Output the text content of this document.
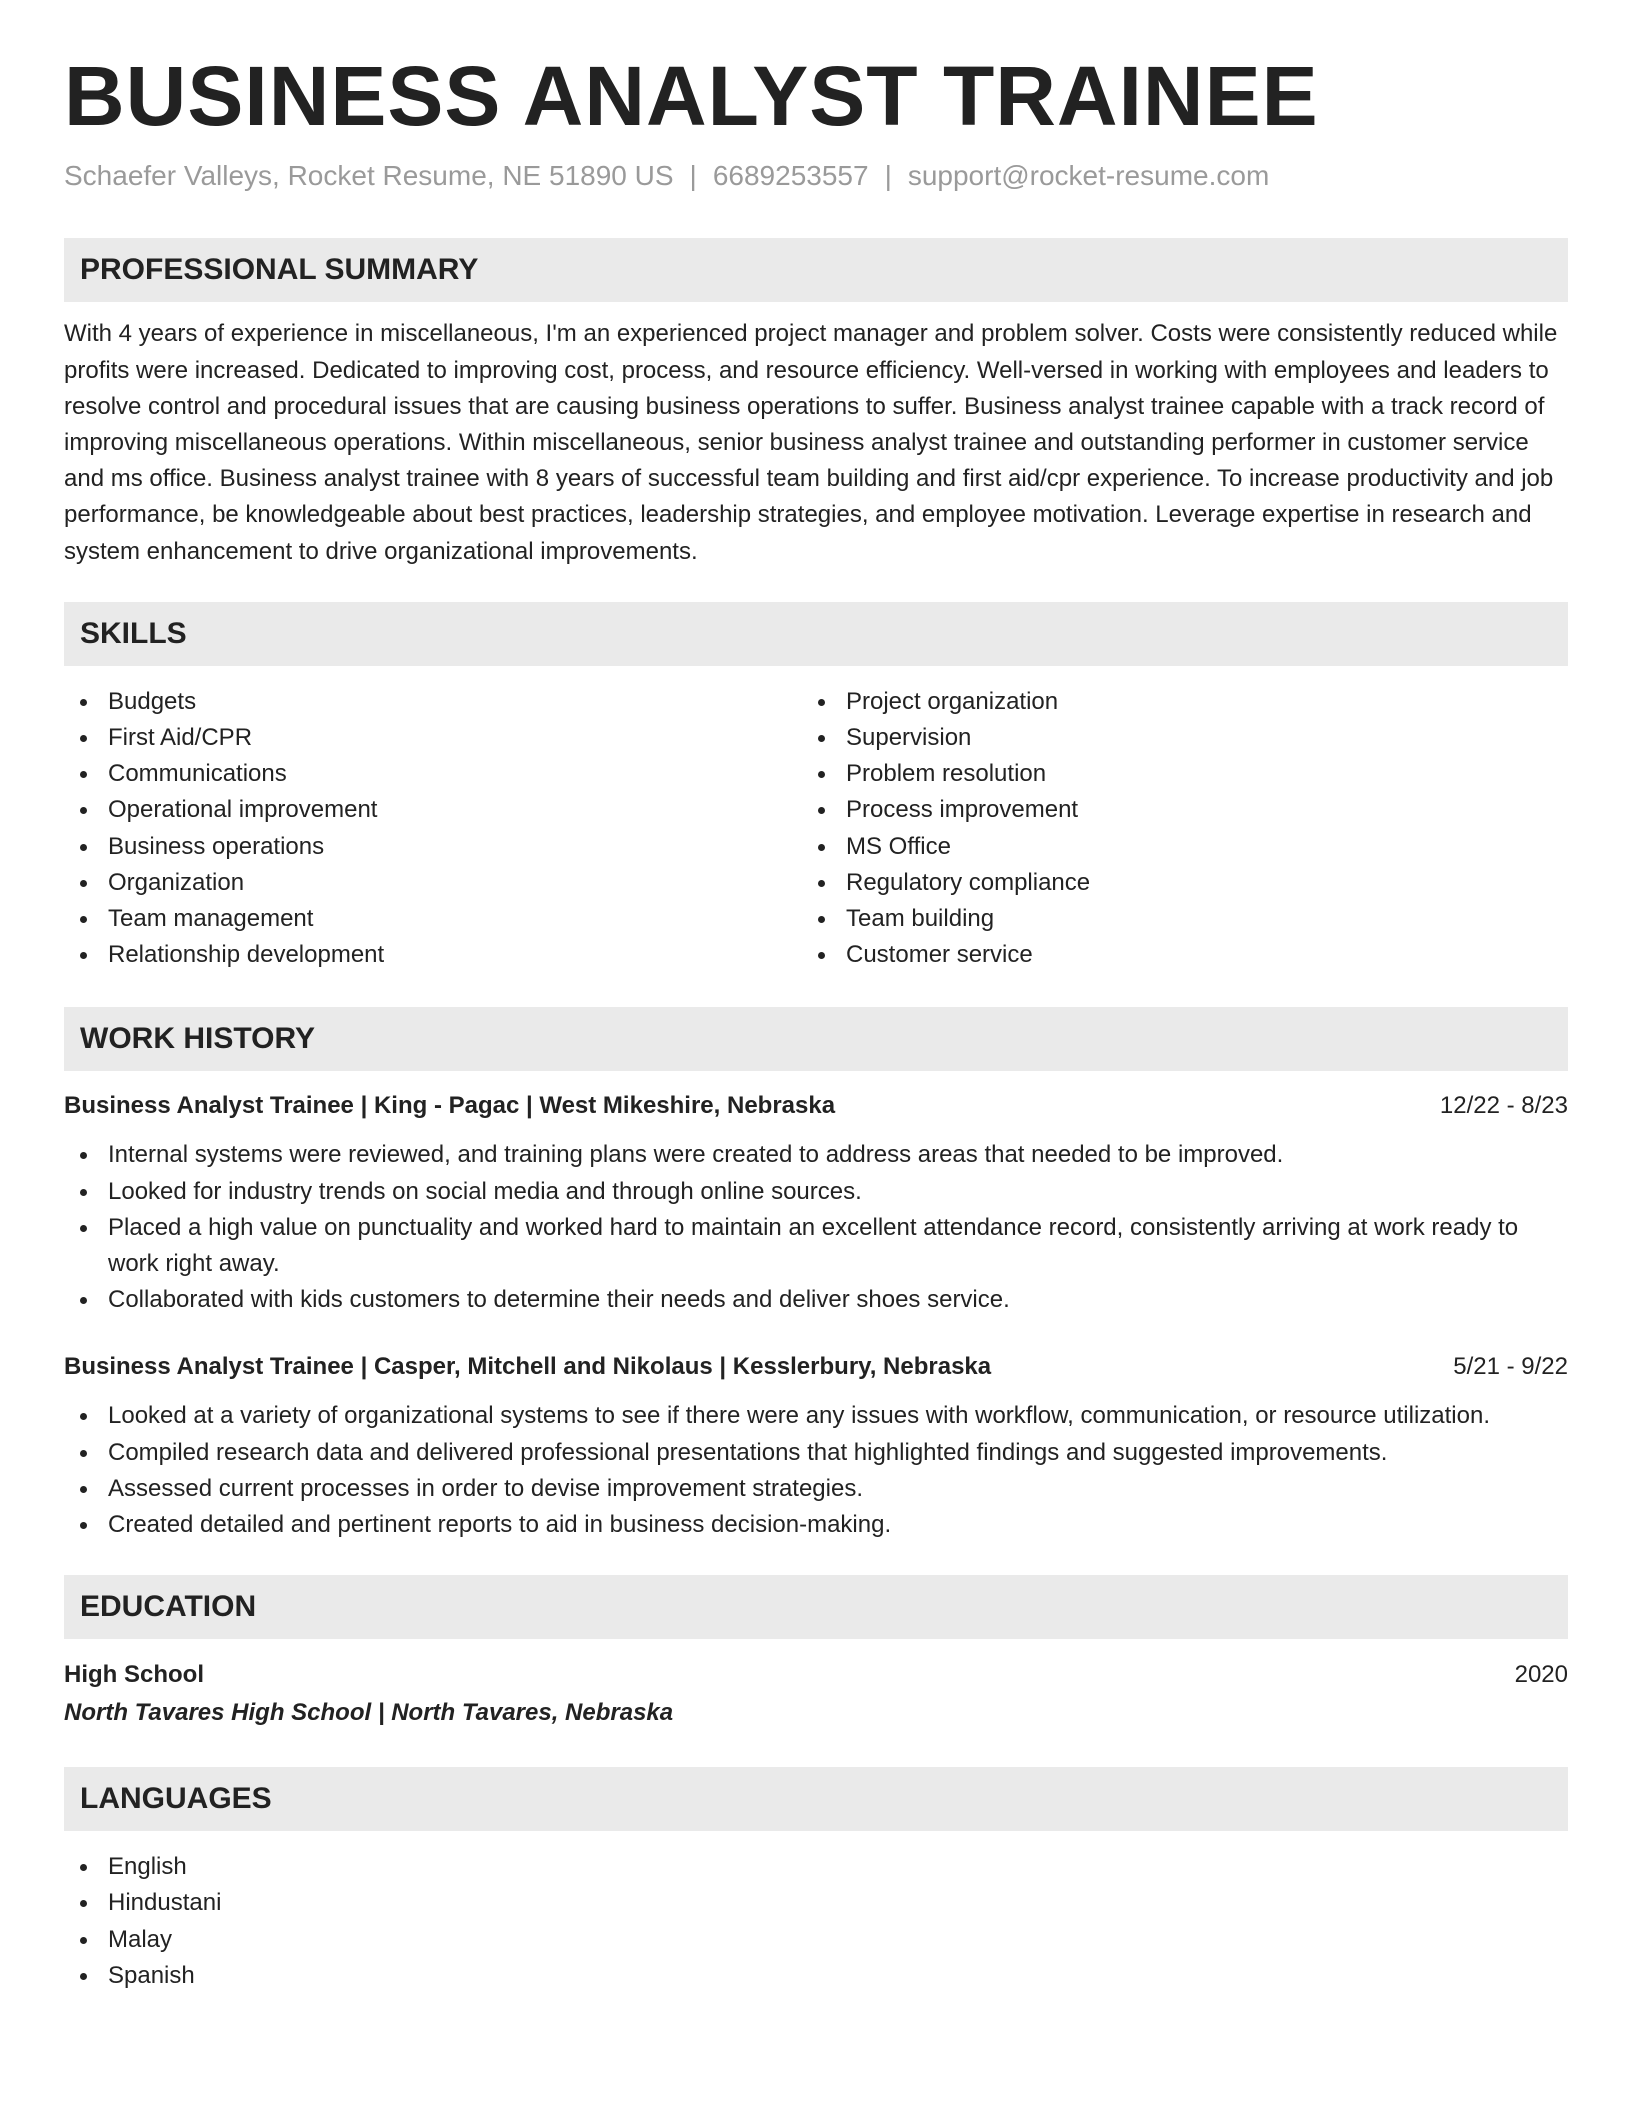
BUSINESS ANALYST TRAINEE
Schaefer Valleys, Rocket Resume, NE 51890 US | 6689253557 | support@rocket-resume.com
PROFESSIONAL SUMMARY

With 4 years of experience in miscellaneous, I'm an experienced project manager and problem solver. Costs were consistently reduced while profits were increased. Dedicated to improving cost, process, and resource efficiency. Well-versed in working with employees and leaders to resolve control and procedural issues that are causing business operations to suffer. Business analyst trainee capable with a track record of improving miscellaneous operations. Within miscellaneous, senior business analyst trainee and outstanding performer in customer service and ms office. Business analyst trainee with 8 years of successful team building and first aid/cpr experience. To increase productivity and job performance, be knowledgeable about best practices, leadership strategies, and employee motivation. Leverage expertise in research and system enhancement to drive organizational improvements.

SKILLS
Budgets
First Aid/CPR
Communications
Operational improvement
Business operations
Organization
Team management
Relationship development
Project organization
Supervision
Problem resolution
Process improvement
MS Office
Regulatory compliance
Team building
Customer service
WORK HISTORY
Business Analyst Trainee | King - Pagac | West Mikeshire, Nebraska	12/22 - 8/23
Internal systems were reviewed, and training plans were created to address areas that needed to be improved.
Looked for industry trends on social media and through online sources.
Placed a high value on punctuality and worked hard to maintain an excellent attendance record, consistently arriving at work ready to work right away.
Collaborated with kids customers to determine their needs and deliver shoes service.
Business Analyst Trainee | Casper, Mitchell and Nikolaus | Kesslerbury, Nebraska	5/21 - 9/22
Looked at a variety of organizational systems to see if there were any issues with workflow, communication, or resource utilization.
Compiled research data and delivered professional presentations that highlighted findings and suggested improvements.
Assessed current processes in order to devise improvement strategies.
Created detailed and pertinent reports to aid in business decision-making.
EDUCATION
High School	2020
North Tavares High School | North Tavares, Nebraska
LANGUAGES
English
Hindustani
Malay
Spanish
